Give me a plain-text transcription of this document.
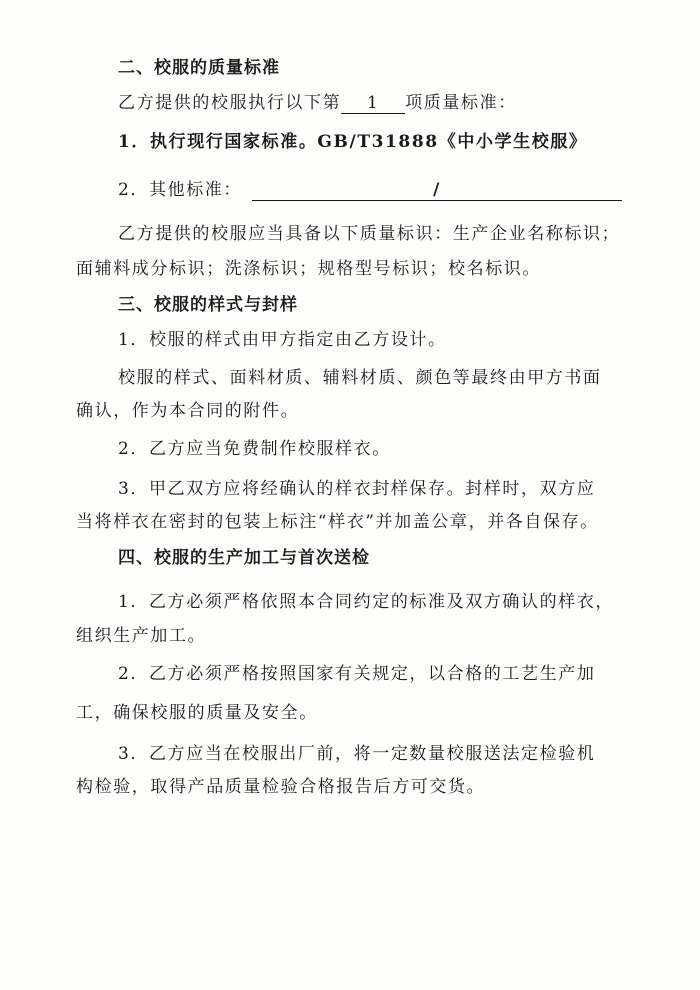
二、校服的质量标准
乙方提供的校服执行以下第 1 项质量标准：
1．执行现行国家标准。GB/T31888《中小学生校服》
2．其他标准：	/
乙方提供的校服应当具备以下质量标识：生产企业名称标识；
面辅料成分标识；洗涤标识；规格型号标识；校名标识。
三、校服的样式与封样
1．校服的样式由甲方指定由乙方设计。
校服的样式、面料材质、辅料材质、颜色等最终由甲方书面
确认，作为本合同的附件。
2．乙方应当免费制作校服样衣。
3．甲乙双方应将经确认的样衣封样保存。封样时，双方应
当将样衣在密封的包装上标注“样衣”并加盖公章，并各自保存。
四、校服的生产加工与首次送检
1．乙方必须严格依照本合同约定的标准及双方确认的样衣，
组织生产加工。
2．乙方必须严格按照国家有关规定，以合格的工艺生产加
工，确保校服的质量及安全。
3．乙方应当在校服出厂前，将一定数量校服送法定检验机
构检验，取得产品质量检验合格报告后方可交货。
